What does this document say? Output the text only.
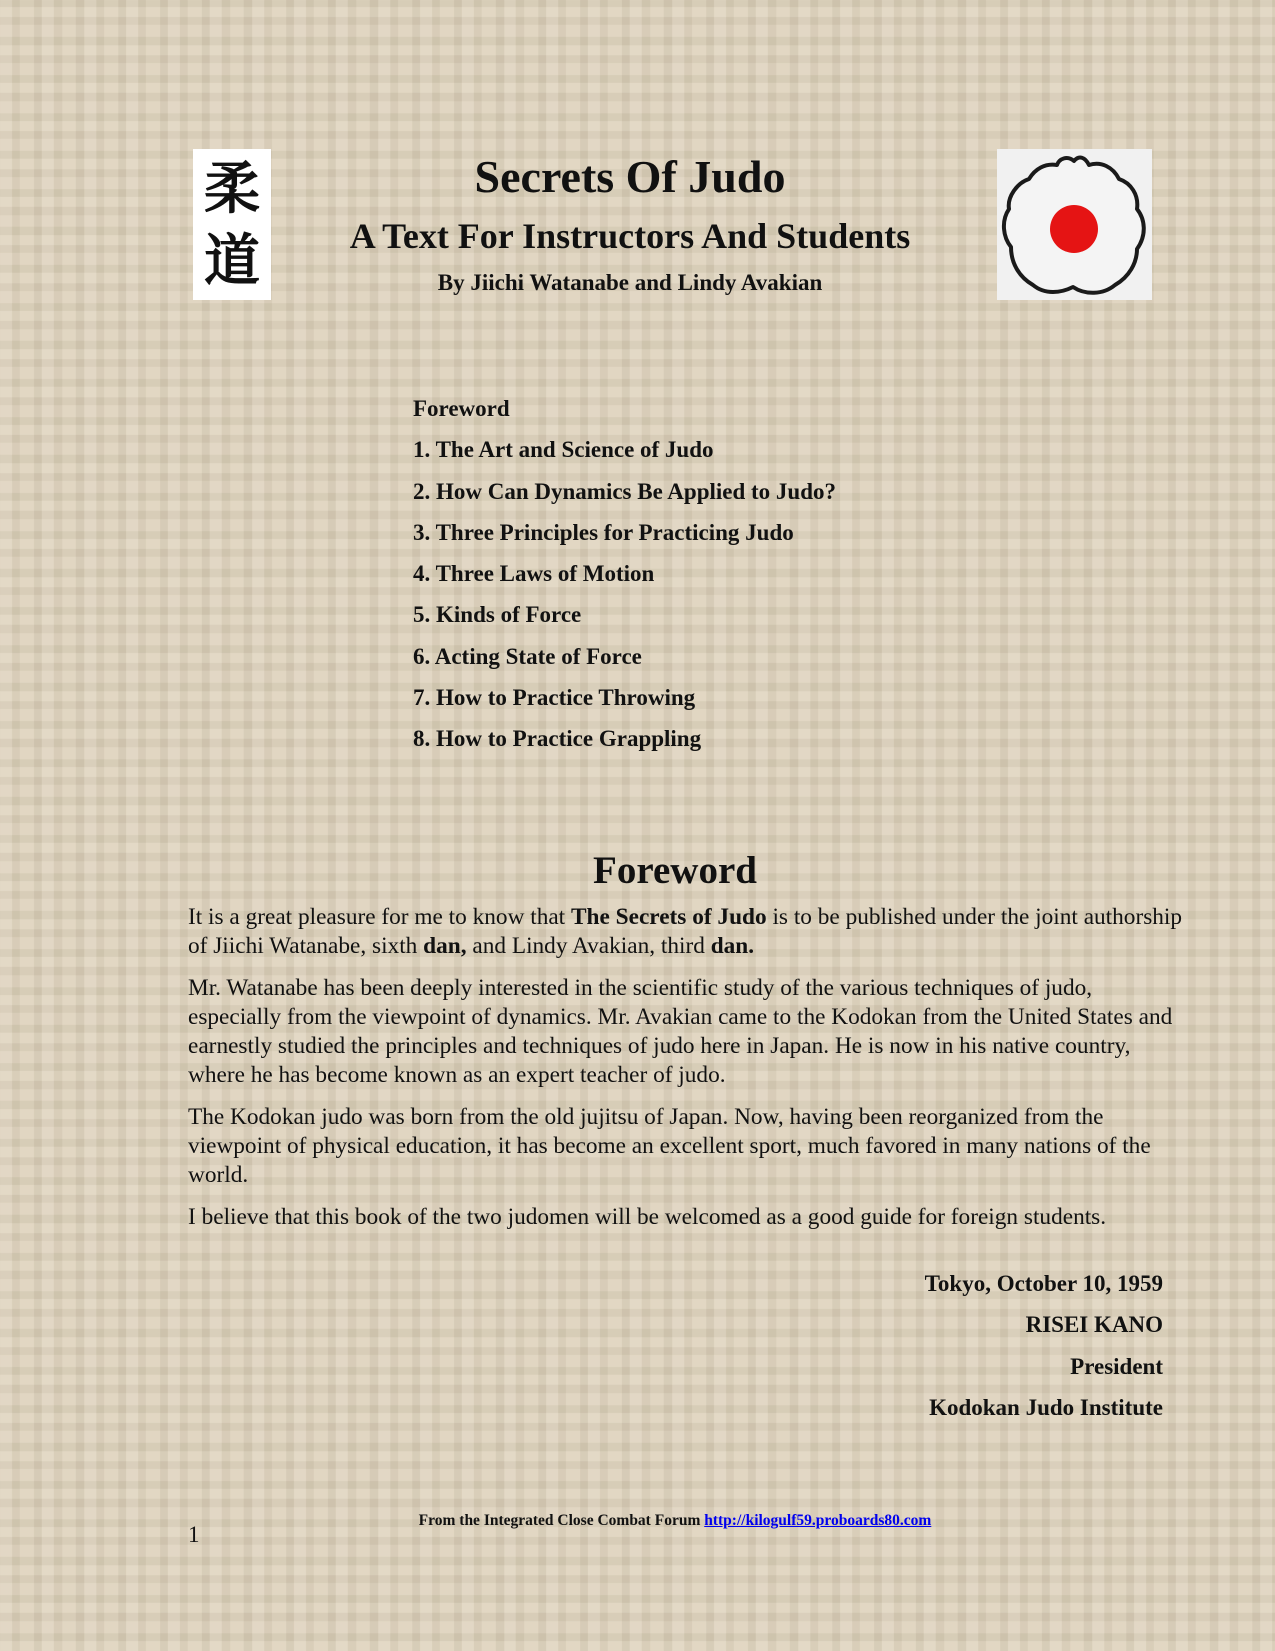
柔
道
Secrets Of Judo
A Text For Instructors And Students
By Jiichi Watanabe and Lindy Avakian
Foreword
1. The Art and Science of Judo
2. How Can Dynamics Be Applied to Judo?
3. Three Principles for Practicing Judo
4. Three Laws of Motion
5. Kinds of Force
6. Acting State of Force
7. How to Practice Throwing
8. How to Practice Grappling
Foreword

It is a great pleasure for me to know that The Secrets of Judo is to be published under the joint authorship of Jiichi Watanabe, sixth dan, and Lindy Avakian, third dan.

Mr. Watanabe has been deeply interested in the scientific study of the various techniques of judo, especially from the viewpoint of dynamics. Mr. Avakian came to the Kodokan from the United States and earnestly studied the principles and techniques of judo here in Japan. He is now in his native country, where he has become known as an expert teacher of judo.

The Kodokan judo was born from the old jujitsu of Japan. Now, having been reorganized from the viewpoint of physical education, it has become an excellent sport, much favored in many nations of the world.

I believe that this book of the two judomen will be welcomed as a good guide for foreign students.

Tokyo, October 10, 1959
RISEI KANO
President
Kodokan Judo Institute
From the Integrated Close Combat Forum http://kilogulf59.proboards80.com
1
